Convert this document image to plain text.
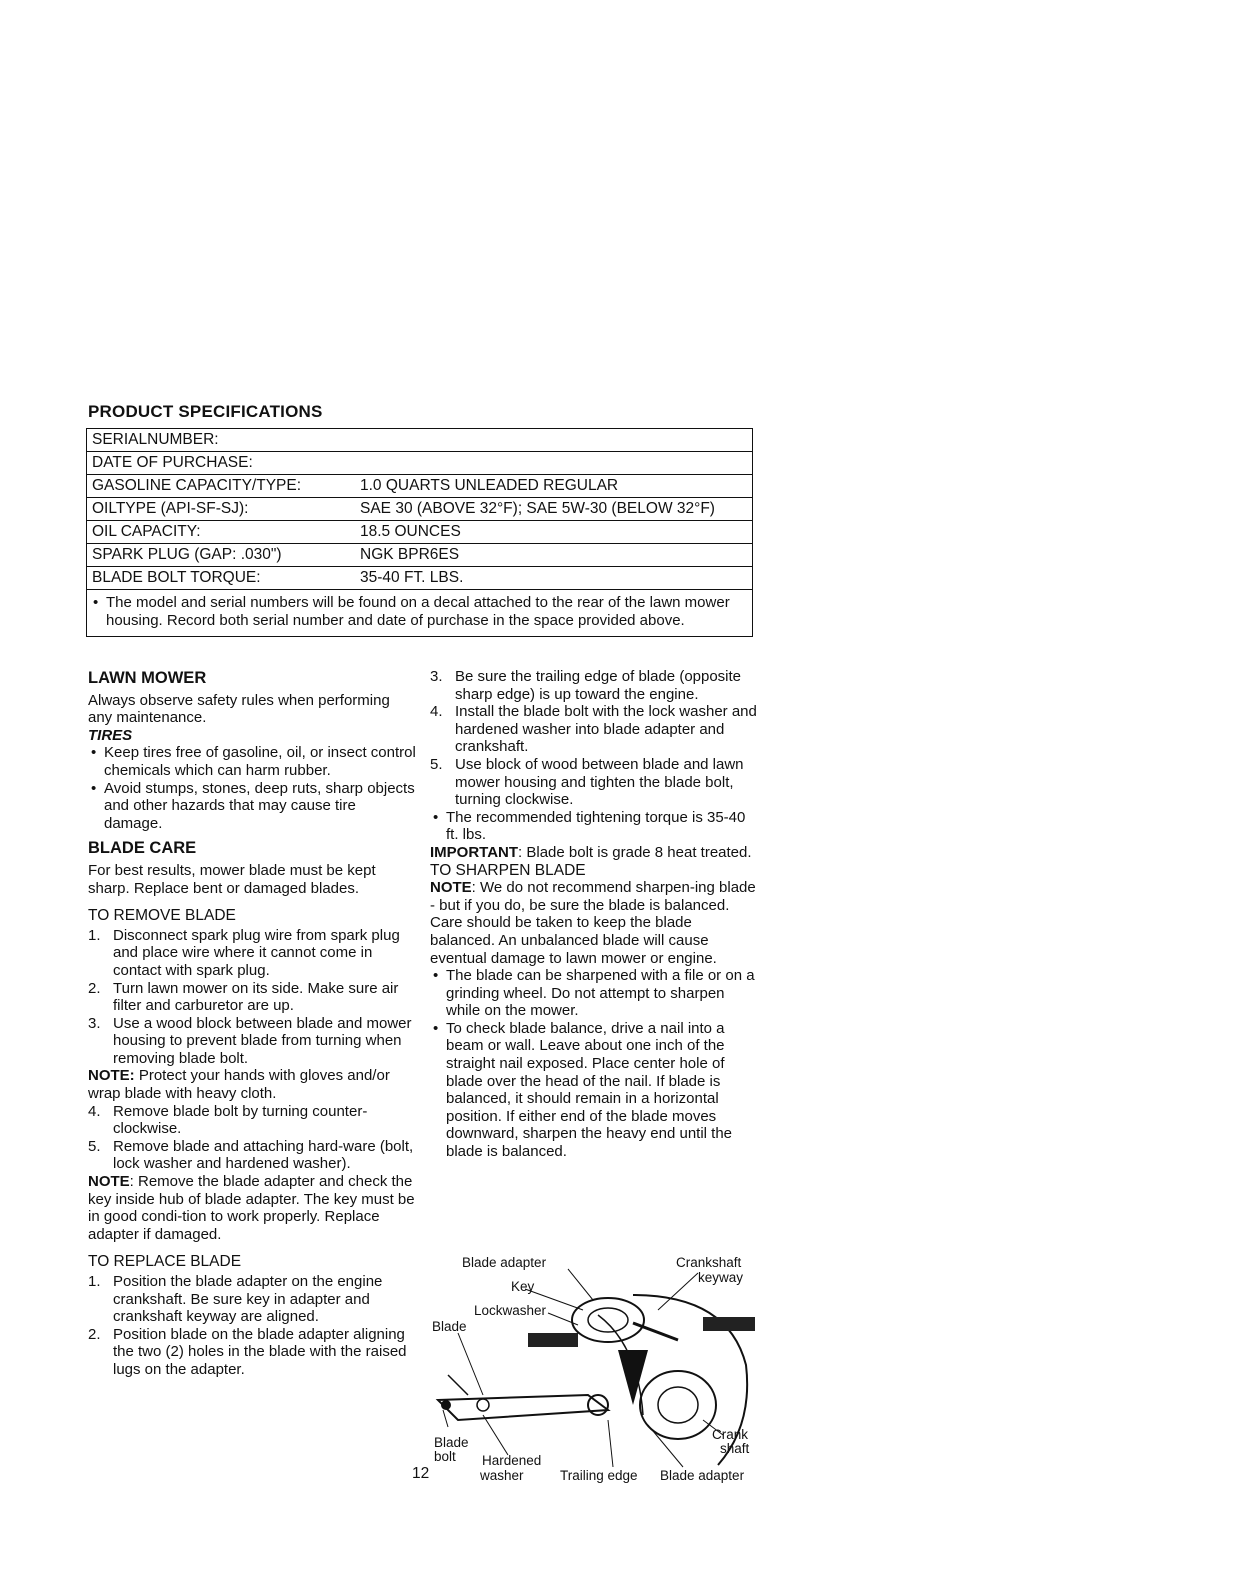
PRODUCT SPECIFICATIONS
SERIALNUMBER:
DATE OF PURCHASE:
GASOLINE CAPACITY/TYPE:	1.0 QUARTS UNLEADED REGULAR
OILTYPE (API-SF-SJ):	SAE 30 (ABOVE 32°F); SAE 5W-30 (BELOW 32°F)
OIL CAPACITY:	18.5 OUNCES
SPARK PLUG (GAP: .030")	NGK BPR6ES
BLADE BOLT TORQUE:	35-40 FT. LBS.
• The model and serial numbers will be found on a decal attached to the rear of the lawn mower housing. Record both serial number and date of purchase in the space provided above.
LAWN MOWER

Always observe safety rules when performing any maintenance.

TIRES

• Keep tires free of gasoline, oil, or insect control chemicals which can harm rubber.
• Avoid stumps, stones, deep ruts, sharp objects and other hazards that may cause tire damage.
BLADE CARE

For best results, mower blade must be kept sharp. Replace bent or damaged blades.

TO REMOVE BLADE

1. Disconnect spark plug wire from spark plug and place wire where it cannot come in contact with spark plug.
2. Turn lawn mower on its side. Make sure air filter and carburetor are up.
3. Use a wood block between blade and mower housing to prevent blade from turning when removing blade bolt.

NOTE: Protect your hands with gloves and/or wrap blade with heavy cloth.

4. Remove blade bolt by turning counter-clockwise.
5. Remove blade and attaching hard-ware (bolt, lock washer and hardened washer).

NOTE: Remove the blade adapter and check the key inside hub of blade adapter. The key must be in good condi-tion to work properly. Replace adapter if damaged.

TO REPLACE BLADE

1. Position the blade adapter on the engine crankshaft. Be sure key in adapter and crankshaft keyway are aligned.
2. Position blade on the blade adapter aligning the two (2) holes in the blade with the raised lugs on the adapter.
3. Be sure the trailing edge of blade (opposite sharp edge) is up toward the engine.
4. Install the blade bolt with the lock washer and hardened washer into blade adapter and crankshaft.
5. Use block of wood between blade and lawn mower housing and tighten the blade bolt, turning clockwise.
• The recommended tightening torque is 35-40 ft. lbs.

IMPORTANT: Blade bolt is grade 8 heat treated.

TO SHARPEN BLADE

NOTE: We do not recommend sharpen-ing blade - but if you do, be sure the blade is balanced.

Care should be taken to keep the blade balanced. An unbalanced blade will cause eventual damage to lawn mower or engine.

• The blade can be sharpened with a file or on a grinding wheel. Do not attempt to sharpen while on the mower.
• To check blade balance, drive a nail into a beam or wall. Leave about one inch of the straight nail exposed. Place center hole of blade over the head of the nail. If blade is balanced, it should remain in a horizontal position. If either end of the blade moves downward, sharpen the heavy end until the blade is balanced.
Blade adapter	Crankshaft
keyway
Key
Lockwasher
Blade
Blade
bolt Hardened
washer	Trailing edge Blade adapter
Crank
shaft
12
